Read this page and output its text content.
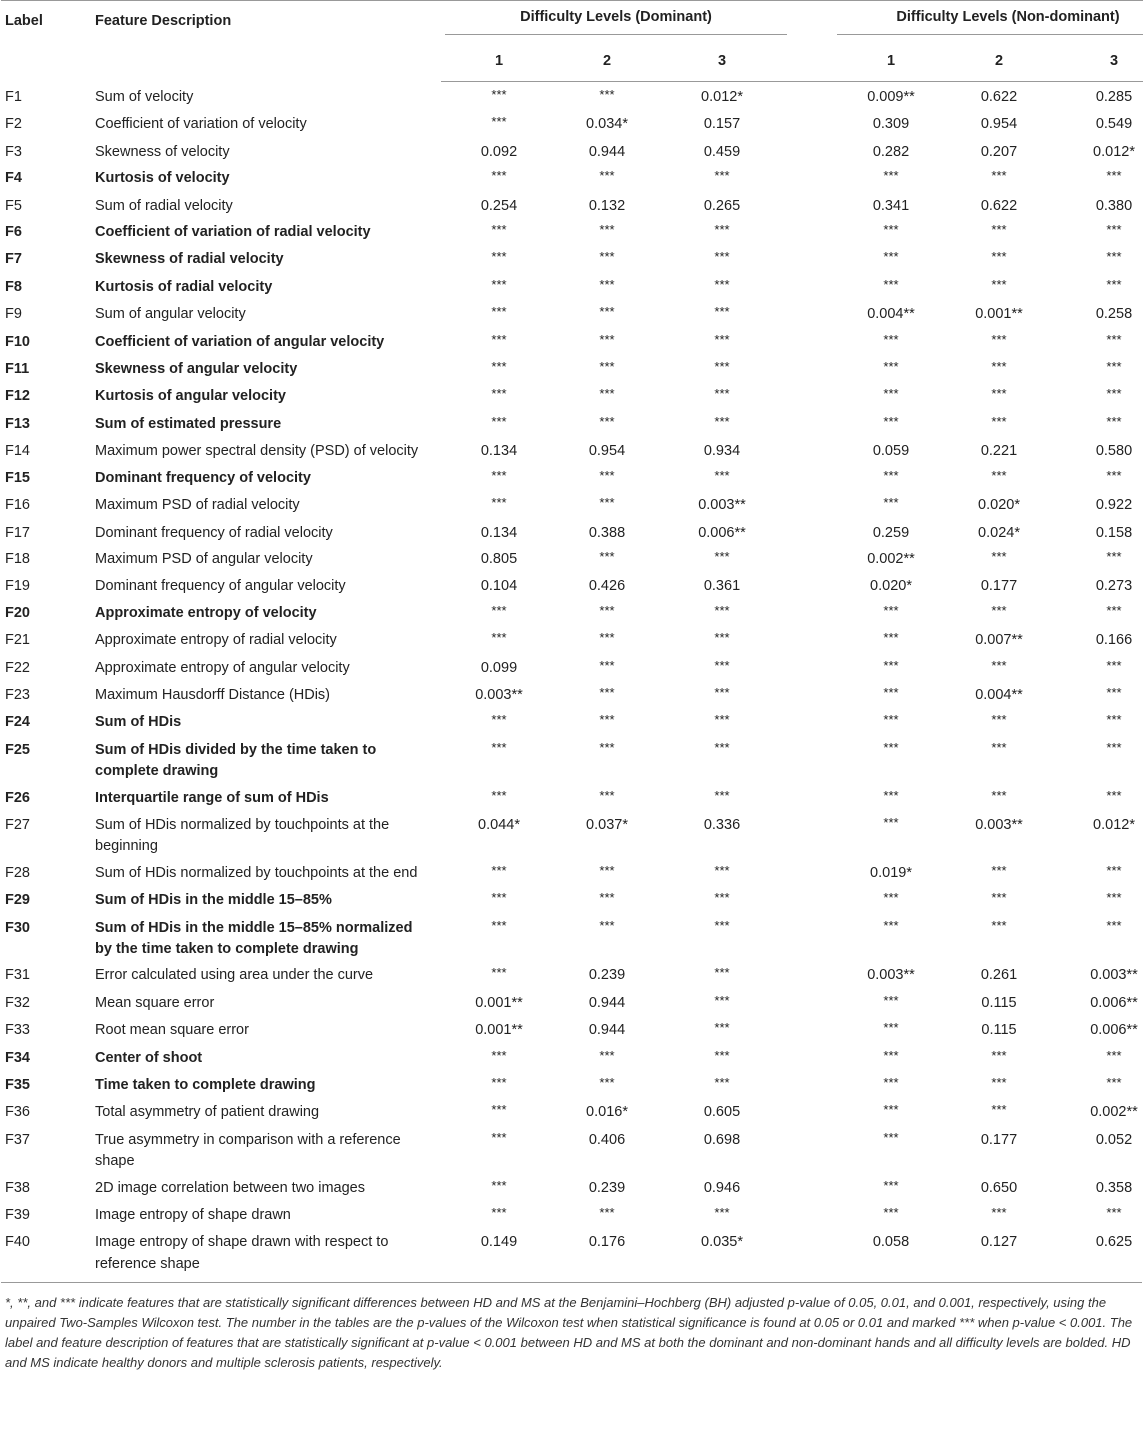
Label	Feature Description	Difficulty Levels (Dominant)				Difficulty Levels (Non-dominant)		

		1	2	3		1	2	3
F1	Sum of velocity	***	***	0.012*		0.009**	0.622	0.285
F2	Coefficient of variation of velocity	***	0.034*	0.157		0.309	0.954	0.549
F3	Skewness of velocity	0.092	0.944	0.459		0.282	0.207	0.012*
F4	Kurtosis of velocity	***	***	***		***	***	***
F5	Sum of radial velocity	0.254	0.132	0.265		0.341	0.622	0.380
F6	Coefficient of variation of radial velocity	***	***	***		***	***	***
F7	Skewness of radial velocity	***	***	***		***	***	***
F8	Kurtosis of radial velocity	***	***	***		***	***	***
F9	Sum of angular velocity	***	***	***		0.004**	0.001**	0.258
F10	Coefficient of variation of angular velocity	***	***	***		***	***	***
F11	Skewness of angular velocity	***	***	***		***	***	***
F12	Kurtosis of angular velocity	***	***	***		***	***	***
F13	Sum of estimated pressure	***	***	***		***	***	***
F14	Maximum power spectral density (PSD) of velocity	0.134	0.954	0.934		0.059	0.221	0.580
F15	Dominant frequency of velocity	***	***	***		***	***	***
F16	Maximum PSD of radial velocity	***	***	0.003**		***	0.020*	0.922
F17	Dominant frequency of radial velocity	0.134	0.388	0.006**		0.259	0.024*	0.158
F18	Maximum PSD of angular velocity	0.805	***	***		0.002**	***	***
F19	Dominant frequency of angular velocity	0.104	0.426	0.361		0.020*	0.177	0.273
F20	Approximate entropy of velocity	***	***	***		***	***	***
F21	Approximate entropy of radial velocity	***	***	***		***	0.007**	0.166
F22	Approximate entropy of angular velocity	0.099	***	***		***	***	***
F23	Maximum Hausdorff Distance (HDis)	0.003**	***	***		***	0.004**	***
F24	Sum of HDis	***	***	***		***	***	***
F25	Sum of HDis divided by the time taken to complete drawing	***	***	***		***	***	***
F26	Interquartile range of sum of HDis	***	***	***		***	***	***
F27	Sum of HDis normalized by touchpoints at the beginning	0.044*	0.037*	0.336		***	0.003**	0.012*
F28	Sum of HDis normalized by touchpoints at the end	***	***	***		0.019*	***	***
F29	Sum of HDis in the middle 15–85%	***	***	***		***	***	***
F30	Sum of HDis in the middle 15–85% normalized by the time taken to complete drawing	***	***	***		***	***	***
F31	Error calculated using area under the curve	***	0.239	***		0.003**	0.261	0.003**
F32	Mean square error	0.001**	0.944	***		***	0.115	0.006**
F33	Root mean square error	0.001**	0.944	***		***	0.115	0.006**
F34	Center of shoot	***	***	***		***	***	***
F35	Time taken to complete drawing	***	***	***		***	***	***
F36	Total asymmetry of patient drawing	***	0.016*	0.605		***	***	0.002**
F37	True asymmetry in comparison with a reference shape	***	0.406	0.698		***	0.177	0.052
F38	2D image correlation between two images	***	0.239	0.946		***	0.650	0.358
F39	Image entropy of shape drawn	***	***	***		***	***	***
F40	Image entropy of shape drawn with respect to reference shape	0.149	0.176	0.035*		0.058	0.127	0.625
*, **, and *** indicate features that are statistically significant differences between HD and MS at the Benjamini–Hochberg (BH) adjusted p-value of 0.05, 0.01, and 0.001, respectively, using the unpaired Two-Samples Wilcoxon test. The number in the tables are the p-values of the Wilcoxon test when statistical significance is found at 0.05 or 0.01 and marked *** when p-value < 0.001. The label and feature description of features that are statistically significant at p-value < 0.001 between HD and MS at both the dominant and non-dominant hands and all difficulty levels are bolded. HD and MS indicate healthy donors and multiple sclerosis patients, respectively.
